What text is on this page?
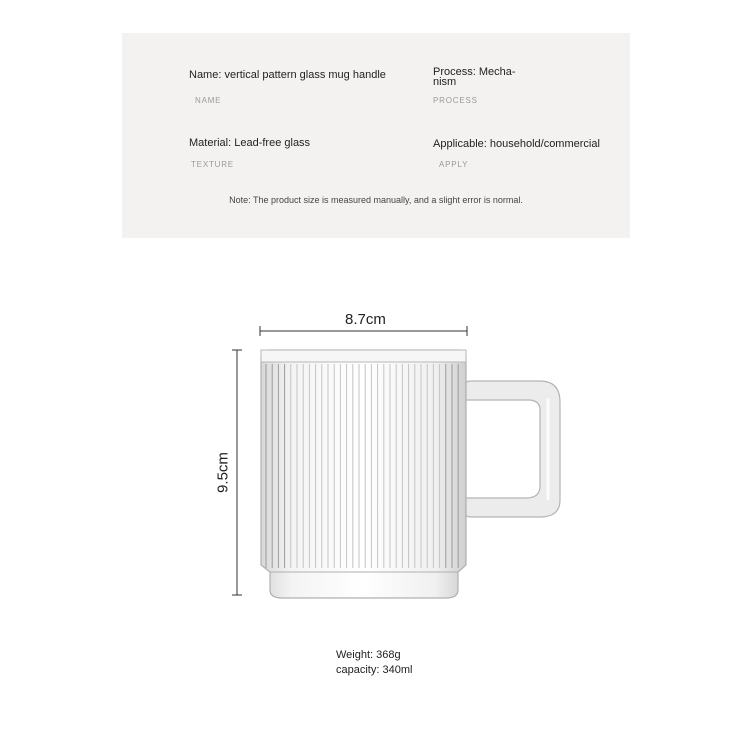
Name: vertical pattern glass mug handle
NAME
Process: Mecha-
nism
PROCESS
Material: Lead-free glass
TEXTURE
Applicable: household/commercial
APPLY
Note: The product size is measured manually, and a slight error is normal.
8.7cm
9.5cm
Weight: 368g
capacity: 340ml
